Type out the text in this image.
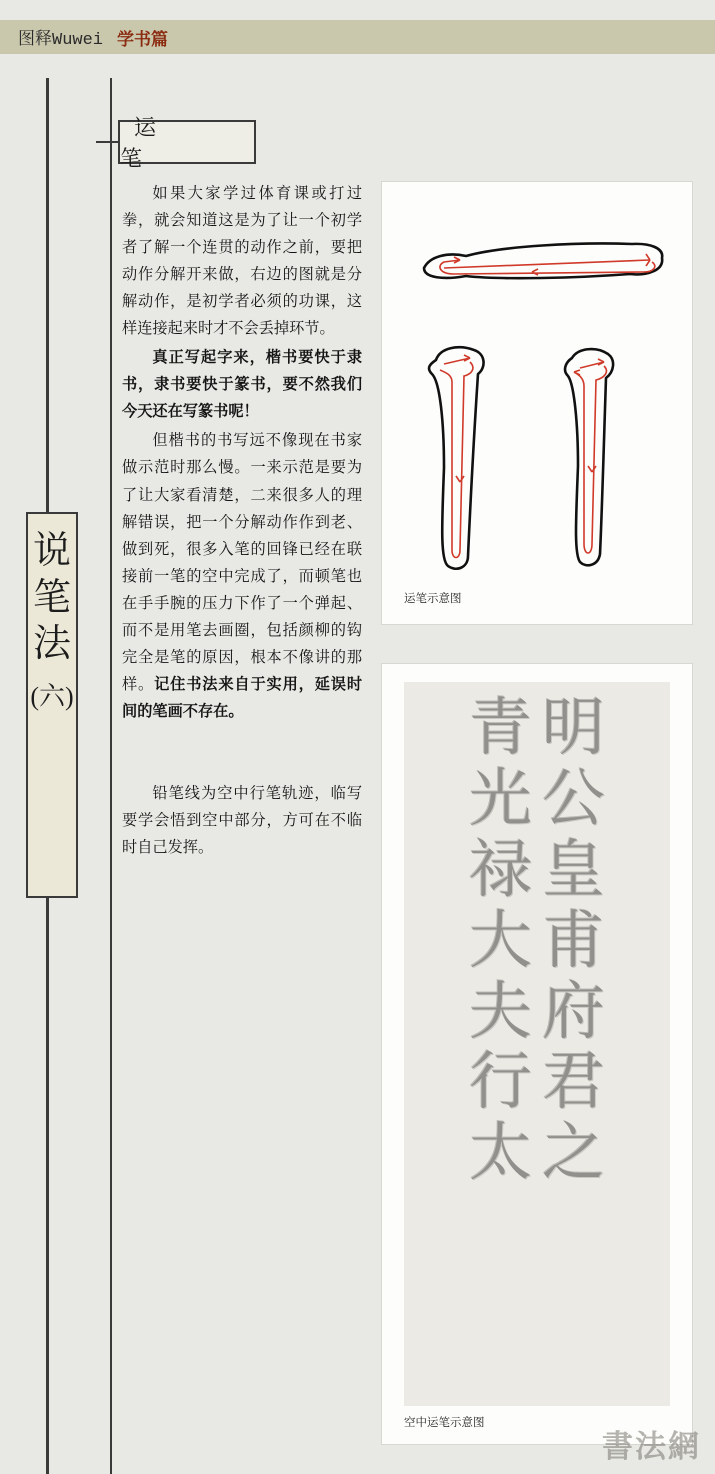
图释Wuwei 学书篇
说
笔
法
(六)
运　　笔

如果大家学过体育课或打过拳，就会知道这是为了让一个初学者了解一个连贯的动作之前，要把动作分解开来做，右边的图就是分解动作，是初学者必须的功课，这样连接起来时才不会丢掉环节。

真正写起字来，楷书要快于隶书，隶书要快于篆书，要不然我们今天还在写篆书呢！

但楷书的书写远不像现在书家做示范时那么慢。一来示范是要为了让大家看清楚，二来很多人的理解错误，把一个分解动作作到老、做到死，很多入笔的回锋已经在联接前一笔的空中完成了，而顿笔也在手手腕的压力下作了一个弹起、而不是用笔去画圈，包括颜柳的钩完全是笔的原因，根本不像讲的那样。记住书法来自于实用，延误时间的笔画不存在。

铅笔线为空中行笔轨迹，临写要学会悟到空中部分，方可在不临时自己发挥。

运笔示意图
明
公
皇
甫
府
君
之
青
光
禄
大
夫
行
太
空中运笔示意图
書法網
